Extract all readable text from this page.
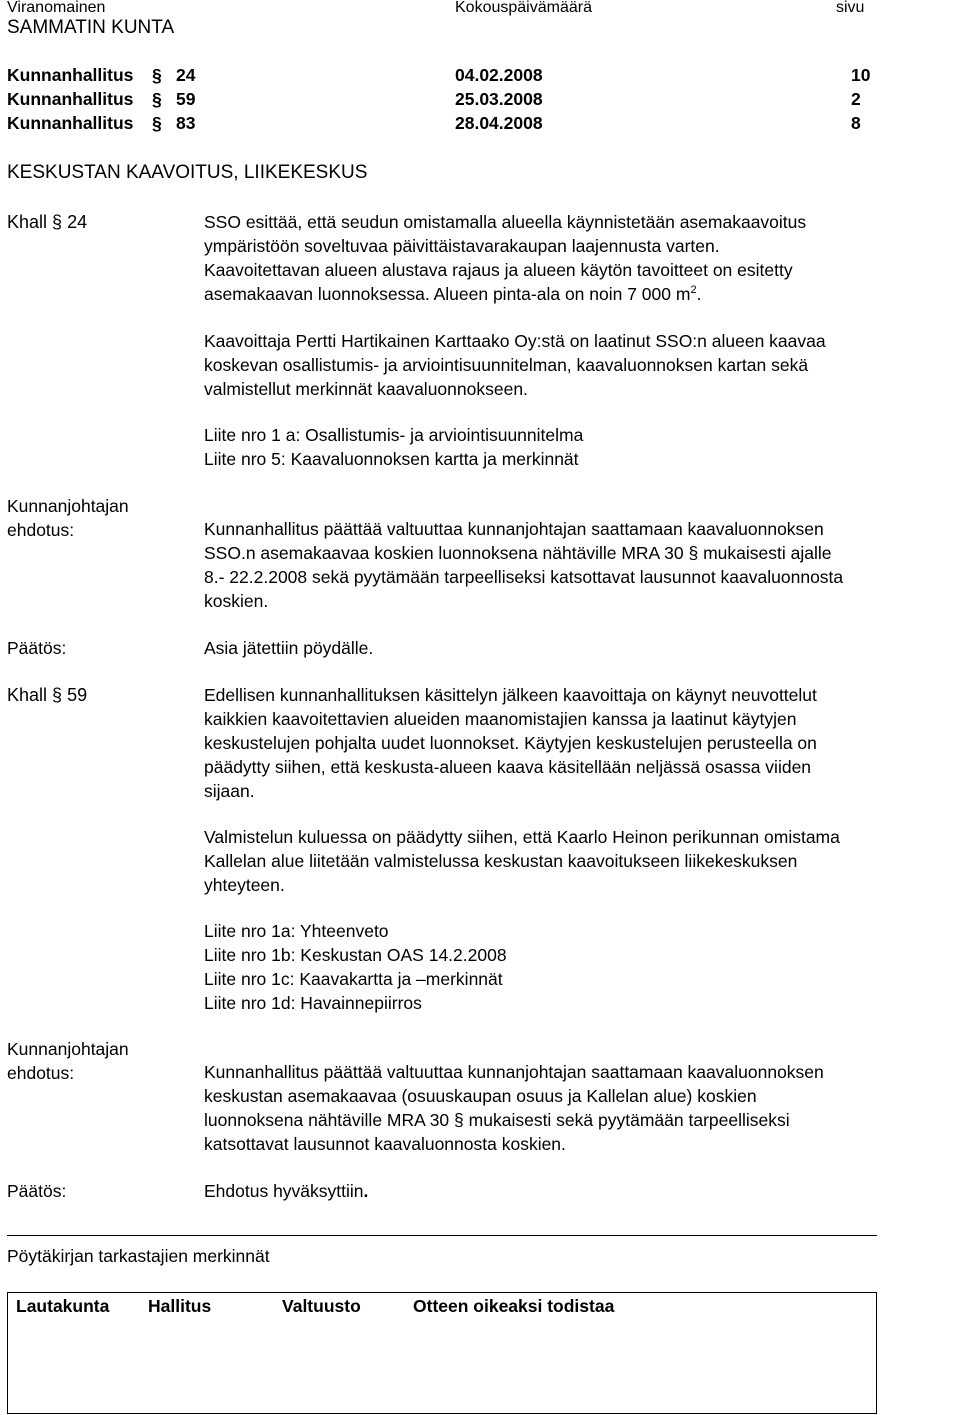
Viranomainen	Kokouspäivämäärä	sivu
SAMMATIN KUNTA
Kunnanhallitus § 24	04.02.2008	10
Kunnanhallitus § 59	25.03.2008	2
Kunnanhallitus § 83	28.04.2008	8
KESKUSTAN KAAVOITUS, LIIKEKESKUS
Khall § 24	SSO esittää, että seudun omistamalla alueella käynnistetään asemakaavoitus
ympäristöön soveltuvaa päivittäistavarakaupan laajennusta varten.
Kaavoitettavan alueen alustava rajaus ja alueen käytön tavoitteet on esitetty
asemakaavan luonnoksessa. Alueen pinta-ala on noin 7 000 $m^2$.
Kaavoittaja Pertti Hartikainen Karttaako Oy:stä on laatinut SSO:n alueen kaavaa
koskevan osallistumis- ja arviointisuunnitelman, kaavaluonnoksen kartan sekä
valmistellut merkinnät kaavaluonnokseen.
Liite nro 1 a: Osallistumis- ja arviointisuunnitelma
Liite nro 5: Kaavaluonnoksen kartta ja merkinnät
Kunnanjohtajan
ehdotus:	Kunnanhallitus päättää valtuuttaa kunnanjohtajan saattamaan kaavaluonnoksen
SSO.n asemakaavaa koskien luonnoksena nähtäville MRA 30 § mukaisesti ajalle
8.- 22.2.2008 sekä pyytämään tarpeelliseksi katsottavat lausunnot kaavaluonnosta
koskien.
Päätös:	Asia jätettiin pöydälle.
Khall § 59	Edellisen kunnanhallituksen käsittelyn jälkeen kaavoittaja on käynyt neuvottelut
kaikkien kaavoitettavien alueiden maanomistajien kanssa ja laatinut käytyjen
keskustelujen pohjalta uudet luonnokset. Käytyjen keskustelujen perusteella on
päädytty siihen, että keskusta-alueen kaava käsitellään neljässä osassa viiden
sijaan.
Valmistelun kuluessa on päädytty siihen, että Kaarlo Heinon perikunnan omistama
Kallelan alue liitetään valmistelussa keskustan kaavoitukseen liikekeskuksen
yhteyteen.
Liite nro 1a: Yhteenveto
Liite nro 1b: Keskustan OAS 14.2.2008
Liite nro 1c: Kaavakartta ja –merkinnät
Liite nro 1d: Havainnepiirros
Kunnanjohtajan
ehdotus:	Kunnanhallitus päättää valtuuttaa kunnanjohtajan saattamaan kaavaluonnoksen
keskustan asemakaavaa (osuuskaupan osuus ja Kallelan alue) koskien
luonnoksena nähtäville MRA 30 § mukaisesti sekä pyytämään tarpeelliseksi
katsottavat lausunnot kaavaluonnosta koskien.
Päätös:	Ehdotus hyväksyttiin.
Pöytäkirjan tarkastajien merkinnät
Lautakunta Hallitus	Valtuusto	Otteen oikeaksi todistaa
